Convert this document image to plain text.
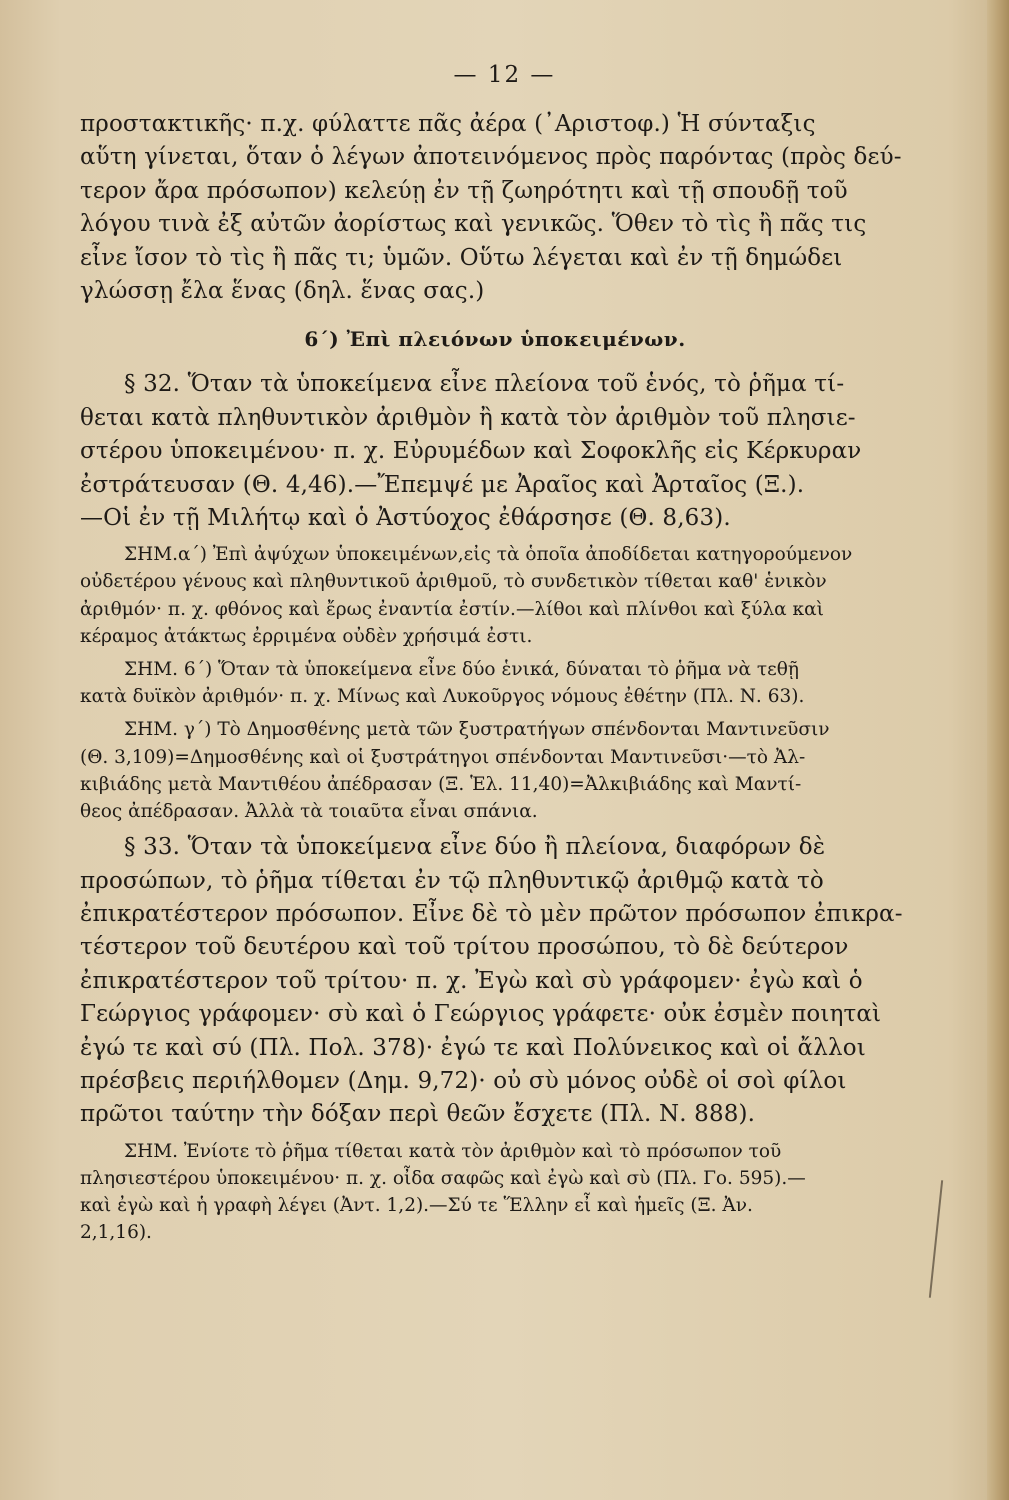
— 12 —

προστακτικῆς· π.χ. φύλαττε πᾶς ἀέρα (᾿Αριστοφ.) Ἡ σύνταξις
αὕτη γίνεται, ὅταν ὁ λέγων ἀποτεινόμενος πρὸς παρόντας (πρὸς δεύ-
τερον ἄρα πρόσωπον) κελεύῃ ἐν τῇ ζωηρότητι καὶ τῇ σπουδῇ τοῦ
λόγου τινὰ ἐξ αὐτῶν ἀορίστως καὶ γενικῶς. Ὅθεν τὸ τὶς ἢ πᾶς τις
εἶνε ἴσον τὸ τὶς ἢ πᾶς τι; ὑμῶν. Οὕτω λέγεται καὶ ἐν τῇ δημώδει
γλώσσῃ ἔλα ἕνας (δηλ. ἕνας σας.)

6΄) Ἐπὶ πλειόνων ὑποκειμένων.

§ 32. Ὅταν τὰ ὑποκείμενα εἶνε πλείονα τοῦ ἑνός, τὸ ῥῆμα τί-
θεται κατὰ πληθυντικὸν ἀριθμὸν ἢ κατὰ τὸν ἀριθμὸν τοῦ πλησιε-
στέρου ὑποκειμένου· π. χ. Εὐρυμέδων καὶ Σοφοκλῆς εἰς Κέρκυραν
ἐστράτευσαν (Θ. 4,46).—Ἔπεμψέ με Ἀραῖος καὶ Ἀρταῖος (Ξ.).
—Οἱ ἐν τῇ Μιλήτῳ καὶ ὁ Ἀστύοχος ἐθάρσησε (Θ. 8,63).

ΣΗΜ.α΄) Ἐπὶ ἀψύχων ὑποκειμένων,εἰς τὰ ὁποῖα ἀποδίδεται κατηγορούμενον
οὐδετέρου γένους καὶ πληθυντικοῦ ἀριθμοῦ, τὸ συνδετικὸν τίθεται καθ' ἑνικὸν
ἀριθμόν· π. χ. φθόνος καὶ ἔρως ἐναντία ἐστίν.—λίθοι καὶ πλίνθοι καὶ ξύλα καὶ
κέραμος ἀτάκτως ἐρριμένα οὐδὲν χρήσιμά ἐστι.
ΣΗΜ. 6΄) Ὅταν τὰ ὑποκείμενα εἶνε δύο ἑνικά, δύναται τὸ ῥῆμα νὰ τεθῇ
κατὰ δυϊκὸν ἀριθμόν· π. χ. Μίνως καὶ Λυκοῦργος νόμους ἐθέτην (Πλ. Ν. 63).
ΣΗΜ. γ΄) Τὸ Δημοσθένης μετὰ τῶν ξυστρατήγων σπένδονται Μαντινεῦσιν
(Θ. 3,109)=Δημοσθένης καὶ οἱ ξυστράτηγοι σπένδονται Μαντινεῦσι·—τὸ Ἀλ-
κιβιάδης μετὰ Μαντιθέου ἀπέδρασαν (Ξ. Ἑλ. 11,40)=Ἀλκιβιάδης καὶ Μαντί-
θεος ἀπέδρασαν. Ἀλλὰ τὰ τοιαῦτα εἶναι σπάνια.

§ 33. Ὅταν τὰ ὑποκείμενα εἶνε δύο ἢ πλείονα, διαφόρων δὲ
προσώπων, τὸ ῥῆμα τίθεται ἐν τῷ πληθυντικῷ ἀριθμῷ κατὰ τὸ
ἐπικρατέστερον πρόσωπον. Εἶνε δὲ τὸ μὲν πρῶτον πρόσωπον ἐπικρα-
τέστερον τοῦ δευτέρου καὶ τοῦ τρίτου προσώπου, τὸ δὲ δεύτερον
ἐπικρατέστερον τοῦ τρίτου· π. χ. Ἐγὼ καὶ σὺ γράφομεν· ἐγὼ καὶ ὁ
Γεώργιος γράφομεν· σὺ καὶ ὁ Γεώργιος γράφετε· οὐκ ἐσμὲν ποιηταὶ
ἐγώ τε καὶ σύ (Πλ. Πολ. 378)· ἐγώ τε καὶ Πολύνεικος καὶ οἱ ἄλλοι
πρέσβεις περιήλθομεν (Δημ. 9,72)· οὐ σὺ μόνος οὐδὲ οἱ σοὶ φίλοι
πρῶτοι ταύτην τὴν δόξαν περὶ θεῶν ἔσχετε (Πλ. Ν. 888).

ΣΗΜ. Ἐνίοτε τὸ ῥῆμα τίθεται κατὰ τὸν ἀριθμὸν καὶ τὸ πρόσωπον τοῦ
πλησιεστέρου ὑποκειμένου· π. χ. οἶδα σαφῶς καὶ ἐγὼ καὶ σὺ (Πλ. Γο. 595).—
καὶ ἐγὼ καὶ ἡ γραφὴ λέγει (Ἀντ. 1,2).—Σύ τε Ἕλλην εἶ καὶ ἡμεῖς (Ξ. Ἀν.
2,1,16).
